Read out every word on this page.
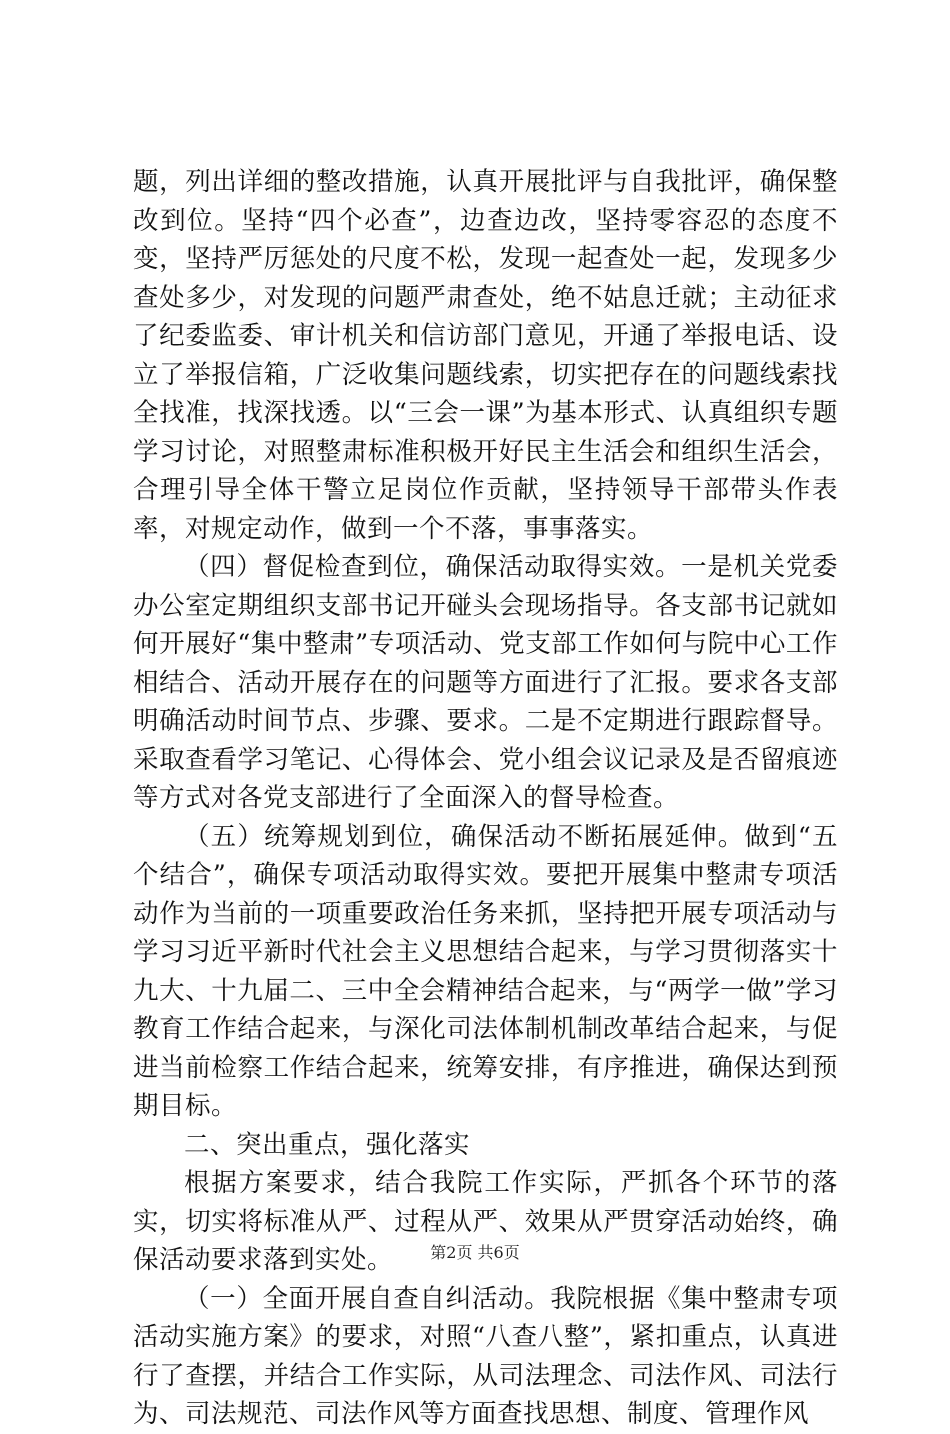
题，列出详细的整改措施，认真开展批评与自我批评，确保整改到位。坚持“四个必查”，边查边改，坚持零容忍的态度不变，坚持严厉惩处的尺度不松，发现一起查处一起，发现多少查处多少，对发现的问题严肃查处，绝不姑息迁就；主动征求了纪委监委、审计机关和信访部门意见，开通了举报电话、设立了举报信箱，广泛收集问题线索，切实把存在的问题线索找全找准，找深找透。以“三会一课”为基本形式、认真组织专题学习讨论，对照整肃标准积极开好民主生活会和组织生活会，合理引导全体干警立足岗位作贡献，坚持领导干部带头作表率，对规定动作，做到一个不落，事事落实。

（四）督促检查到位，确保活动取得实效。一是机关党委办公室定期组织支部书记开碰头会现场指导。各支部书记就如何开展好“集中整肃”专项活动、党支部工作如何与院中心工作相结合、活动开展存在的问题等方面进行了汇报。要求各支部明确活动时间节点、步骤、要求。二是不定期进行跟踪督导。采取查看学习笔记、心得体会、党小组会议记录及是否留痕迹等方式对各党支部进行了全面深入的督导检查。

（五）统筹规划到位，确保活动不断拓展延伸。做到“五个结合”，确保专项活动取得实效。要把开展集中整肃专项活动作为当前的一项重要政治任务来抓，坚持把开展专项活动与学习习近平新时代社会主义思想结合起来，与学习贯彻落实十九大、十九届二、三中全会精神结合起来，与“两学一做”学习教育工作结合起来，与深化司法体制机制改革结合起来，与促进当前检察工作结合起来，统筹安排，有序推进，确保达到预期目标。

二、突出重点，强化落实

根据方案要求，结合我院工作实际，严抓各个环节的落实，切实将标准从严、过程从严、效果从严贯穿活动始终，确保活动要求落到实处。

（一）全面开展自查自纠活动。我院根据《集中整肃专项活动实施方案》的要求，对照“八查八整”，紧扣重点，认真进行了查摆，并结合工作实际，从司法理念、司法作风、司法行为、司法规范、司法作风等方面查找思想、制度、管理作风

第2页 共6页
